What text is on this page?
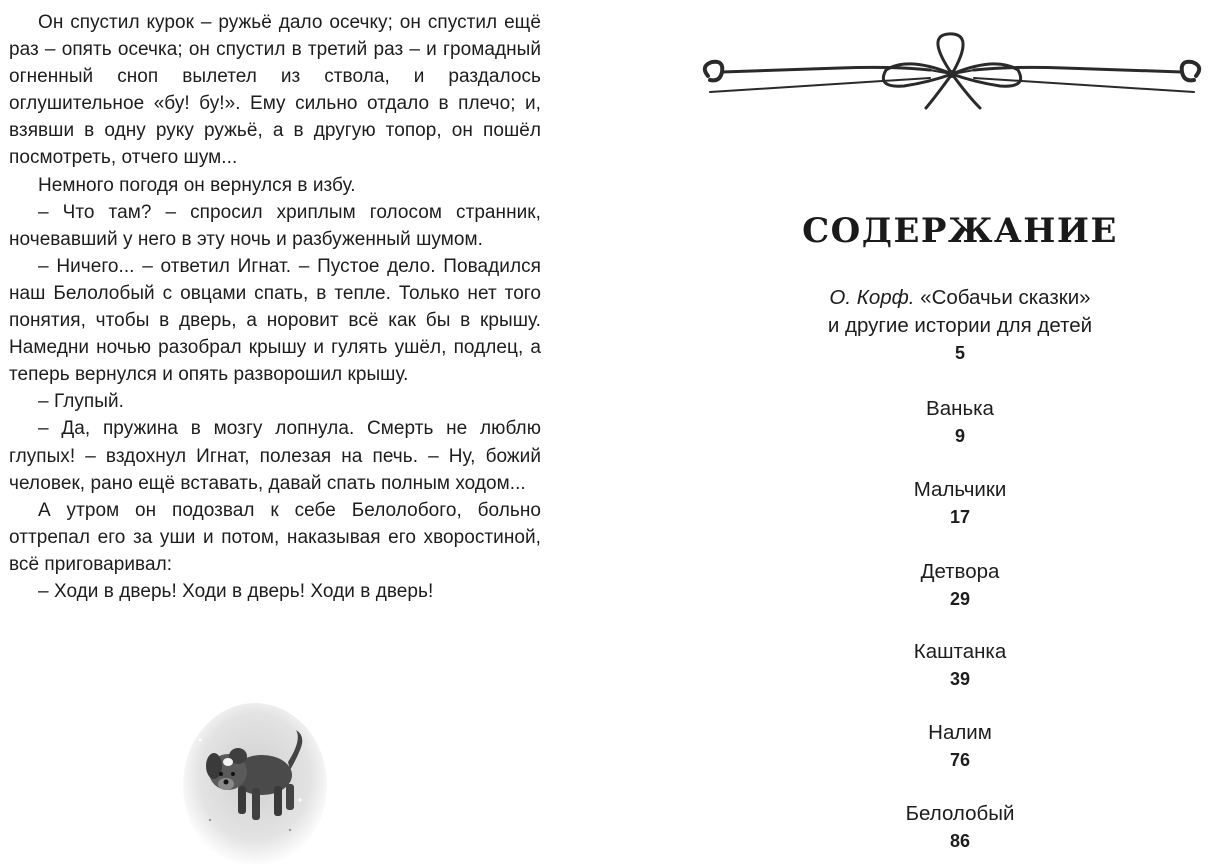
Он спустил курок – ружьё дало осечку; он спустил ещё раз – опять осечка; он спустил в третий раз – и громадный огненный сноп вылетел из ствола, и раздалось оглушительное «бу! бу!». Ему сильно отдало в плечо; и, взявши в одну руку ружьё, а в другую топор, он пошёл посмотреть, отчего шум...

Немного погодя он вернулся в избу.

– Что там? – спросил хриплым голосом странник, ночевавший у него в эту ночь и разбуженный шумом.

– Ничего... – ответил Игнат. – Пустое дело. Повадился наш Белолобый с овцами спать, в тепле. Только нет того понятия, чтобы в дверь, а норовит всё как бы в крышу. Намедни ночью разобрал крышу и гулять ушёл, подлец, а теперь вернулся и опять разворошил крышу.

– Глупый.

– Да, пружина в мозгу лопнула. Смерть не люблю глупых! – вздохнул Игнат, полезая на печь. – Ну, божий человек, рано ещё вставать, давай спать полным ходом...

А утром он подозвал к себе Белолобого, больно оттрепал его за уши и потом, наказывая его хворостиной, всё приговаривал:

– Ходи в дверь! Ходи в дверь! Ходи в дверь!

СОДЕРЖАНИЕ
О. Корф. «Собачьи сказки»
и другие истории для детей
5
Ванька
9
Мальчики
17
Детвора
29
Каштанка
39
Налим
76
Белолобый
86
